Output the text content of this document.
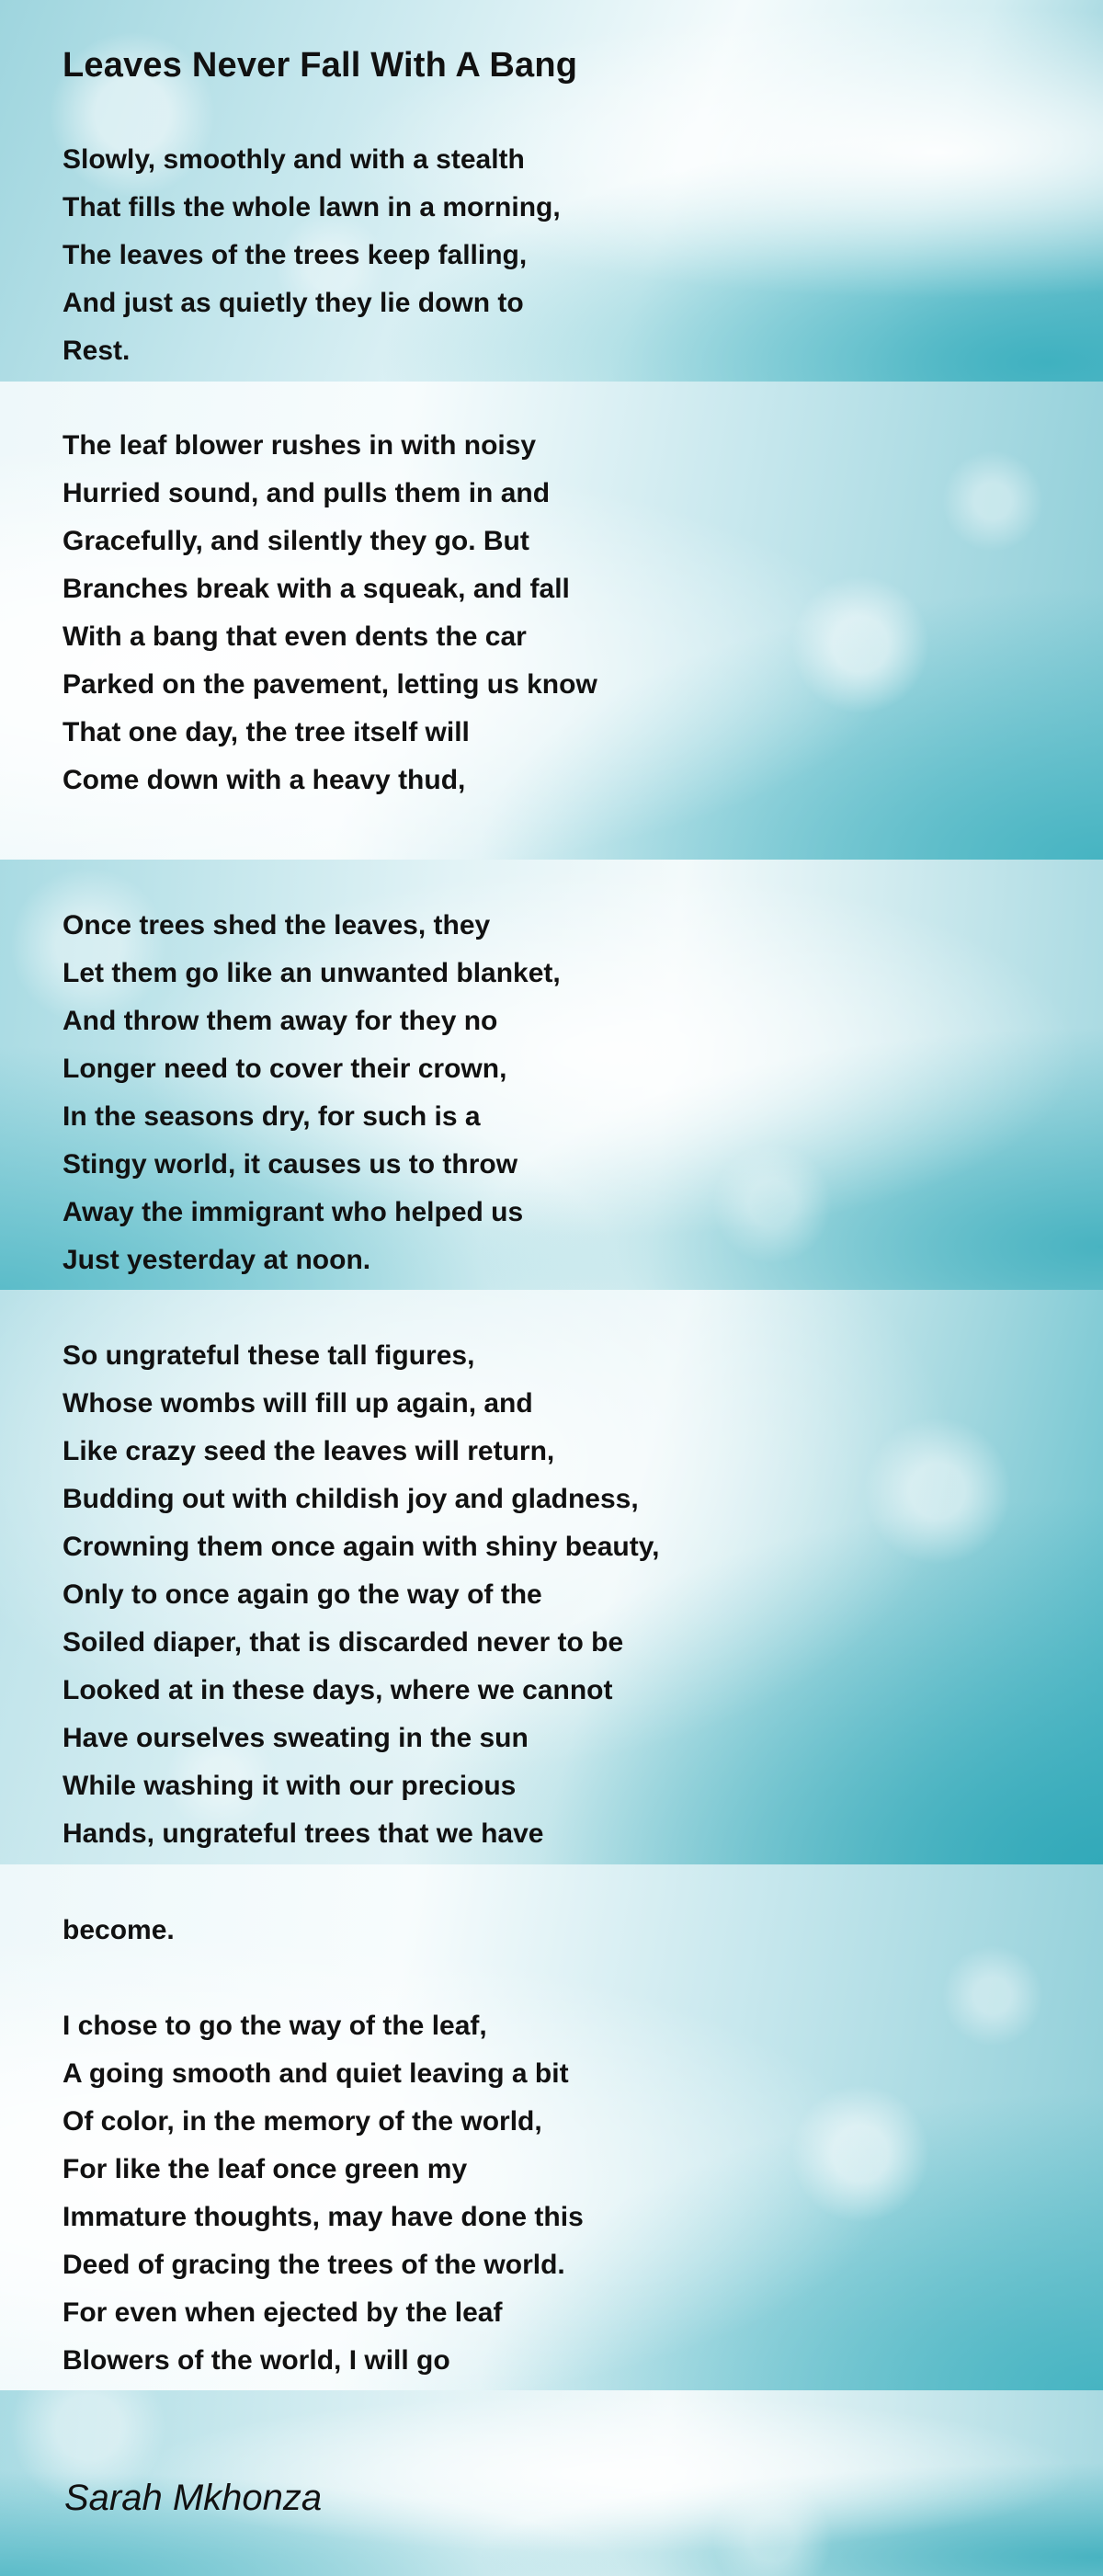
Leaves Never Fall With A Bang
Slowly, smoothly and with a stealth
That fills the whole lawn in a morning,
The leaves of the trees keep falling,
And just as quietly they lie down to
Rest.
The leaf blower rushes in with noisy
Hurried sound, and pulls them in and
Gracefully, and silently they go. But
Branches break with a squeak, and fall
With a bang that even dents the car
Parked on the pavement, letting us know
That one day, the tree itself will
Come down with a heavy thud,
Once trees shed the leaves, they
Let them go like an unwanted blanket,
And throw them away for they no
Longer need to cover their crown,
In the seasons dry, for such is a
Stingy world, it causes us to throw
Away the immigrant who helped us
Just yesterday at noon.
So ungrateful these tall figures,
Whose wombs will fill up again, and
Like crazy seed the leaves will return,
Budding out with childish joy and gladness,
Crowning them once again with shiny beauty,
Only to once again go the way of the
Soiled diaper, that is discarded never to be
Looked at in these days, where we cannot
Have ourselves sweating in the sun
While washing it with our precious
Hands, ungrateful trees that we have
become.
I chose to go the way of the leaf,
A going smooth and quiet leaving a bit
Of color, in the memory of the world,
For like the leaf once green my
Immature thoughts, may have done this
Deed of gracing the trees of the world.
For even when ejected by the leaf
Blowers of the world, I will go
Sarah Mkhonza
